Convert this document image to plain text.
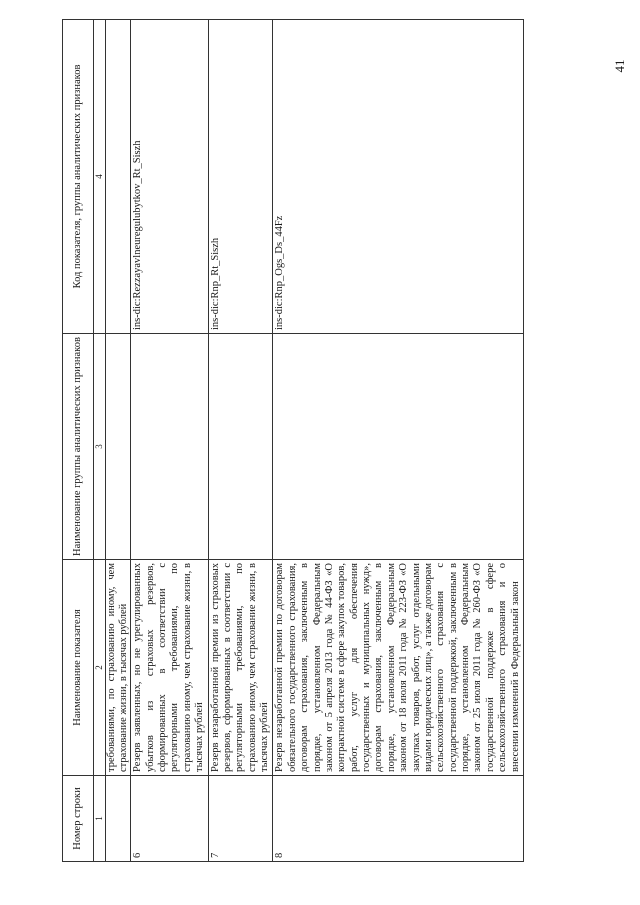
Номер строки	Наименование показателя	Наименование группы аналитических признаков	Код показателя, группы аналитических признаков
1	2	3	4
	требованиями, по страхованию иному, чем страхование жизни, в тысячах рублей		
6	Резерв заявленных, но не урегулированных убытков из страховых резервов, сформированных в соответствии с регуляторными требованиями, по страхованию иному, чем страхование жизни, в тысячах рублей		ins-dic:Rezzayavlneuregulubytkov_Rt_Siszh
7	Резерв незаработанной премии из страховых резервов, сформированных в соответствии с регуляторными требованиями, по страхованию иному, чем страхование жизни, в тысячах рублей		ins-dic:Rnp_Rt_Siszh
8	Резерв незаработанной премии по договорам обязательного государственного страхования, договорам страхования, заключенным в порядке, установленном Федеральным законом от 5 апреля 2013 года № 44-ФЗ «О контрактной системе в сфере закупок товаров, работ, услуг для обеспечения государственных и муниципальных нужд», договорам страхования, заключенным в порядке, установленном Федеральным законом от 18 июля 2011 года № 223-ФЗ «О закупках товаров, работ, услуг отдельными видами юридических лиц», а также договорам сельскохозяйственного страхования с государственной поддержкой, заключенным в порядке, установленном Федеральным законом от 25 июля 2011 года № 260-ФЗ «О государственной поддержке в сфере сельскохозяйственного страхования и о внесении изменений в Федеральный закон		ins-dic:Rnp_Ogs_Ds_44Fz
41
